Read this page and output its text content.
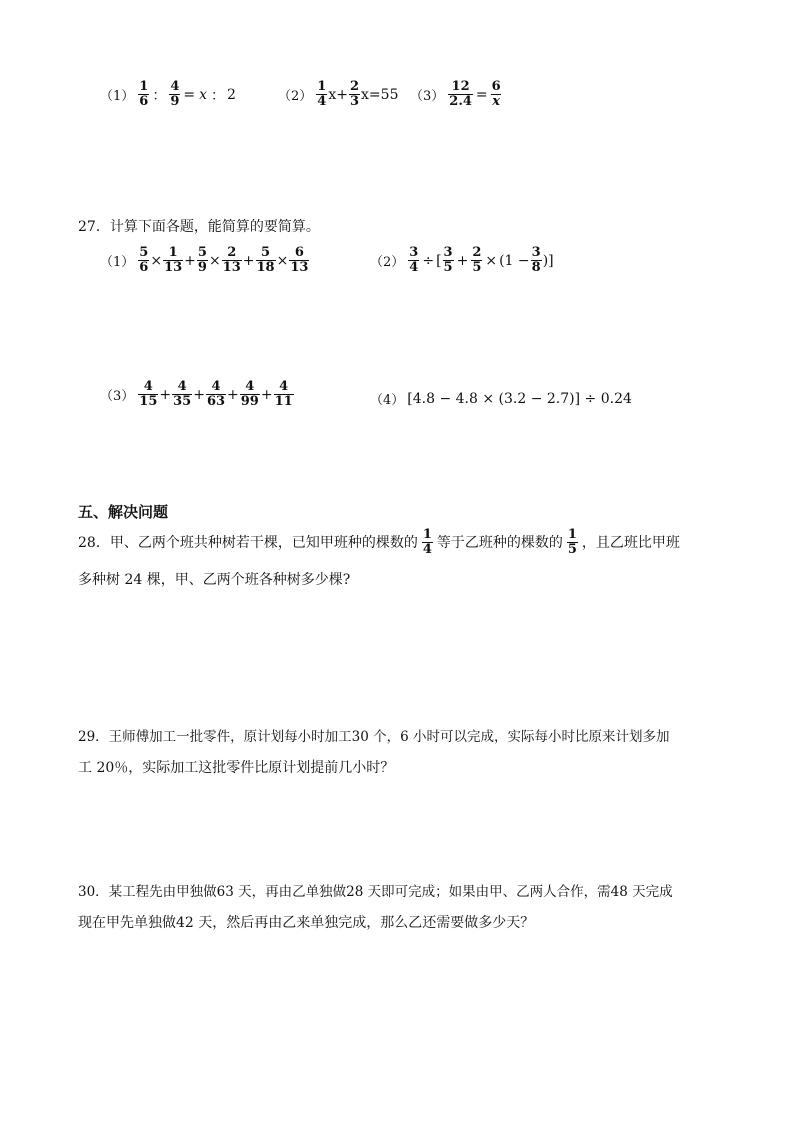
$(1) \frac{1}{6}$ ： $\frac{4}{9} = x$ ： 2	$(2) \frac{1}{4}$ $x + \frac{2}{3}$ x = 55 $(3) \frac{12}{2.4} = \frac{6}{x}$
27．计算下面各题，能简算的要简算。
$(1) \frac{5}{6} \times \frac{1}{13} + \frac{5}{9} \times \frac{2}{13} + \frac{5}{18} \times \frac{6}{13}$	$(2) \frac{3}{4}$ ÷ [ $\frac{3}{5} + \frac{2}{5} \times (1 - \frac{3}{8}$ ) ]
$(3) \frac{4}{15} + \frac{4}{35} + \frac{4}{63} + \frac{4}{99} + \frac{4}{11}$	（4） [4.8 − 4.8 × (3.2 − 2.7)] ÷ 0.24
五、解决问题
28．甲、乙两个班共种树若干棵，已知甲班种的棵数的 $\frac{1}{4}$ 等于乙班种的棵数的 $\frac{1}{5}$ ，且乙班比甲班
多种树 24 棵，甲、乙两个班各种树多少棵?
29．王师傅加工一批零件，原计划每小时加工30 个，6 小时可以完成，实际每小时比原来计划多加
工 20％，实际加工这批零件比原计划提前几小时？
30．某工程先由甲独做63 天，再由乙单独做28 天即可完成；如果由甲、乙两人合作，需48 天完成
现在甲先单独做42 天，然后再由乙来单独完成，那么乙还需要做多少天？
